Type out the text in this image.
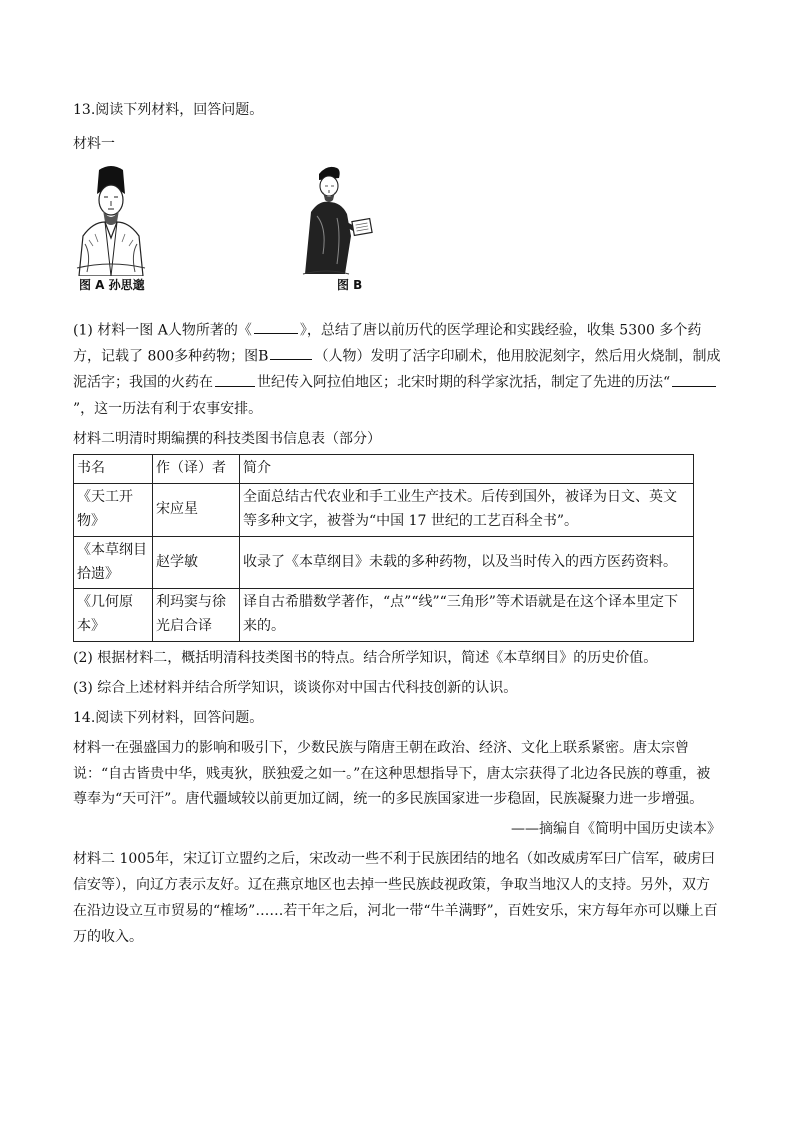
13.阅读下列材料，回答问题。

材料一

图 A 孙思邈	图 B

(1) 材料一图 A人物所著的《	》，总结了唐以前历代的医学理论和实践经验，收集 5300 多个药方，记载了 800多种药物；图B	（人物）发明了活字印刷术，他用胶泥刻字，然后用火烧制，制成泥活字；我国的火药在	世纪传入阿拉伯地区；北宋时期的科学家沈括，制定了先进的历法“”，这一历法有利于农事安排。

材料二明清时期编撰的科技类图书信息表（部分）

书名	作（译）者	简介
《天工开物》	宋应星	全面总结古代农业和手工业生产技术。后传到国外，被译为日文、英文等多种文字，被誉为“中国 17 世纪的工艺百科全书”。
《本草纲目拾遗》	赵学敏	收录了《本草纲目》未载的多种药物，以及当时传入的西方医药资料。
《几何原本》	利玛窦与徐光启合译	译自古希腊数学著作，“点”“线”“三角形”等术语就是在这个译本里定下来的。

(2) 根据材料二，概括明清科技类图书的特点。结合所学知识，简述《本草纲目》的历史价值。

(3) 综合上述材料并结合所学知识，谈谈你对中国古代科技创新的认识。

14.阅读下列材料，回答问题。

材料一在强盛国力的影响和吸引下，少数民族与隋唐王朝在政治、经济、文化上联系紧密。唐太宗曾说：“自古皆贵中华，贱夷狄，朕独爱之如一。”在这种思想指导下，唐太宗获得了北边各民族的尊重，被尊奉为“天可汗”。唐代疆域较以前更加辽阔，统一的多民族国家进一步稳固，民族凝聚力进一步增强。

——摘编自《简明中国历史读本》

材料二 1005年，宋辽订立盟约之后，宋改动一些不利于民族团结的地名（如改威虏军曰广信军，破虏曰信安等），向辽方表示友好。辽在燕京地区也去掉一些民族歧视政策，争取当地汉人的支持。另外，双方在沿边设立互市贸易的“榷场”……若干年之后，河北一带“牛羊满野”，百姓安乐，宋方每年亦可以赚上百万的收入。
